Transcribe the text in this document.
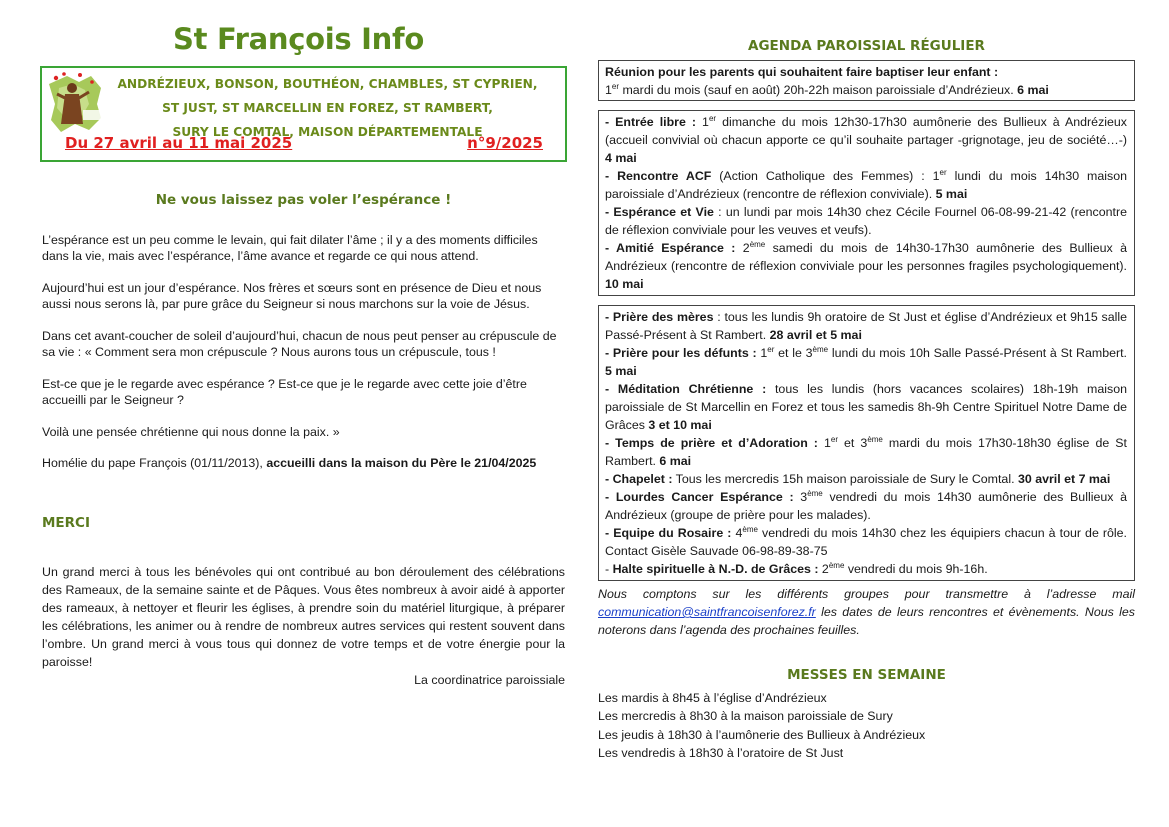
St François Info
ANDRÉZIEUX, BONSON, BOUTHÉON, CHAMBLES, ST CYPRIEN,
ST JUST, ST MARCELLIN EN FOREZ, ST RAMBERT,
SURY LE COMTAL, MAISON DÉPARTEMENTALE
Du 27 avril au 11 mai 2025	n°9/2025
Ne vous laissez pas voler l’espérance !

L’espérance est un peu comme le levain, qui fait dilater l’âme ; il y a des moments difficiles dans la vie, mais avec l’espérance, l’âme avance et regarde ce qui nous attend.

Aujourd’hui est un jour d’espérance. Nos frères et sœurs sont en présence de Dieu et nous aussi nous serons là, par pure grâce du Seigneur si nous marchons sur la voie de Jésus.

Dans cet avant-coucher de soleil d’aujourd’hui, chacun de nous peut penser au crépuscule de sa vie : « Comment sera mon crépuscule ? Nous aurons tous un crépuscule, tous !

Est-ce que je le regarde avec espérance ? Est-ce que je le regarde avec cette joie d’être accueilli par le Seigneur ?

Voilà une pensée chrétienne qui nous donne la paix. »

Homélie du pape François (01/11/2013), accueilli dans la maison du Père le 21/04/2025

MERCI

Un grand merci à tous les bénévoles qui ont contribué au bon déroulement des célébrations des Rameaux, de la semaine sainte et de Pâques. Vous êtes nombreux à avoir aidé à apporter des rameaux, à nettoyer et fleurir les églises, à prendre soin du matériel liturgique, à préparer les célébrations, les animer ou à rendre de nombreux autres services qui restent souvent dans l’ombre. Un grand merci à vous tous qui donnez de votre temps et de votre énergie pour la paroisse!

La coordinatrice paroissiale

AGENDA PAROISSIAL RÉGULIER

Réunion pour les parents qui souhaitent faire baptiser leur enfant :

1er mardi du mois (sauf en août) 20h-22h maison paroissiale d’Andrézieux. 6 mai

- Entrée libre : 1er dimanche du mois 12h30-17h30 aumônerie des Bullieux à Andrézieux (accueil convivial où chacun apporte ce qu’il souhaite partager -grignotage, jeu de société…-) 4 mai

- Rencontre ACF (Action Catholique des Femmes) : 1er lundi du mois 14h30 maison paroissiale d’Andrézieux (rencontre de réflexion conviviale). 5 mai

- Espérance et Vie : un lundi par mois 14h30 chez Cécile Fournel 06-08-99-21-42 (rencontre de réflexion conviviale pour les veuves et veufs).

- Amitié Espérance : 2ème samedi du mois de 14h30-17h30 aumônerie des Bullieux à Andrézieux (rencontre de réflexion conviviale pour les personnes fragiles psychologiquement). 10 mai

- Prière des mères : tous les lundis 9h oratoire de St Just et église d’Andrézieux et 9h15 salle Passé-Présent à St Rambert. 28 avril et 5 mai

- Prière pour les défunts : 1er et le 3ème lundi du mois 10h Salle Passé-Présent à St Rambert. 5 mai

- Méditation Chrétienne : tous les lundis (hors vacances scolaires) 18h-19h maison paroissiale de St Marcellin en Forez et tous les samedis 8h-9h Centre Spirituel Notre Dame de Grâces 3 et 10 mai

- Temps de prière et d’Adoration : 1er et 3ème mardi du mois 17h30-18h30 église de St Rambert. 6 mai

- Chapelet : Tous les mercredis 15h maison paroissiale de Sury le Comtal. 30 avril et 7 mai

- Lourdes Cancer Espérance : 3ème vendredi du mois 14h30 aumônerie des Bullieux à Andrézieux (groupe de prière pour les malades).

- Equipe du Rosaire : 4ème vendredi du mois 14h30 chez les équipiers chacun à tour de rôle. Contact Gisèle Sauvade 06-98-89-38-75

- Halte spirituelle à N.-D. de Grâces : 2ème vendredi du mois 9h-16h.

Nous comptons sur les différents groupes pour transmettre à l’adresse mail communication@saintfrancoisenforez.fr les dates de leurs rencontres et évènements. Nous les noterons dans l’agenda des prochaines feuilles.

MESSES EN SEMAINE
Les mardis à 8h45 à l’église d’Andrézieux
Les mercredis à 8h30 à la maison paroissiale de Sury
Les jeudis à 18h30 à l’aumônerie des Bullieux à Andrézieux
Les vendredis à 18h30 à l’oratoire de St Just
